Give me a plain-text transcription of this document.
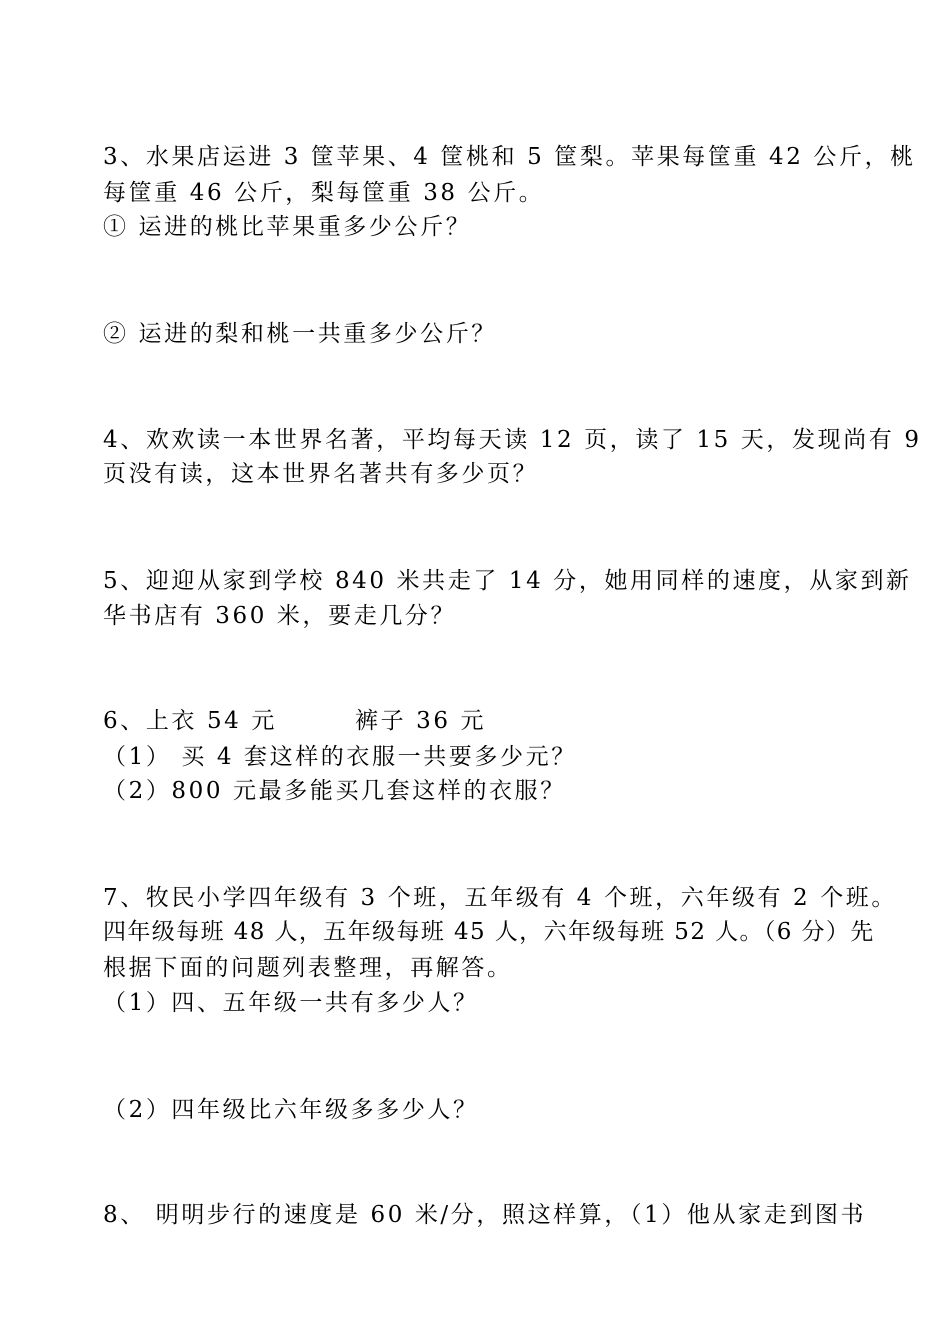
3、水果店运进 3 筐苹果、4 筐桃和 5 筐梨。苹果每筐重 42 公斤，桃
每筐重 46 公斤，梨每筐重 38 公斤。
① 运进的桃比苹果重多少公斤？
② 运进的梨和桃一共重多少公斤？
4、欢欢读一本世界名著，平均每天读 12 页，读了 15 天，发现尚有 9
页没有读，这本世界名著共有多少页？
5、迎迎从家到学校 840 米共走了 14 分，她用同样的速度，从家到新
华书店有 360 米，要走几分？
6、上衣 54 元	裤子 36 元
（1） 买 4 套这样的衣服一共要多少元？
（2）800 元最多能买几套这样的衣服？
7、牧民小学四年级有 3 个班，五年级有 4 个班，六年级有 2 个班。
四年级每班 48 人，五年级每班 45 人，六年级每班 52 人。（6 分）先
根据下面的问题列表整理，再解答。
（1）四、五年级一共有多少人？
（2）四年级比六年级多多少人？
8、 明明步行的速度是 60 米/分，照这样算，（1）他从家走到图书
